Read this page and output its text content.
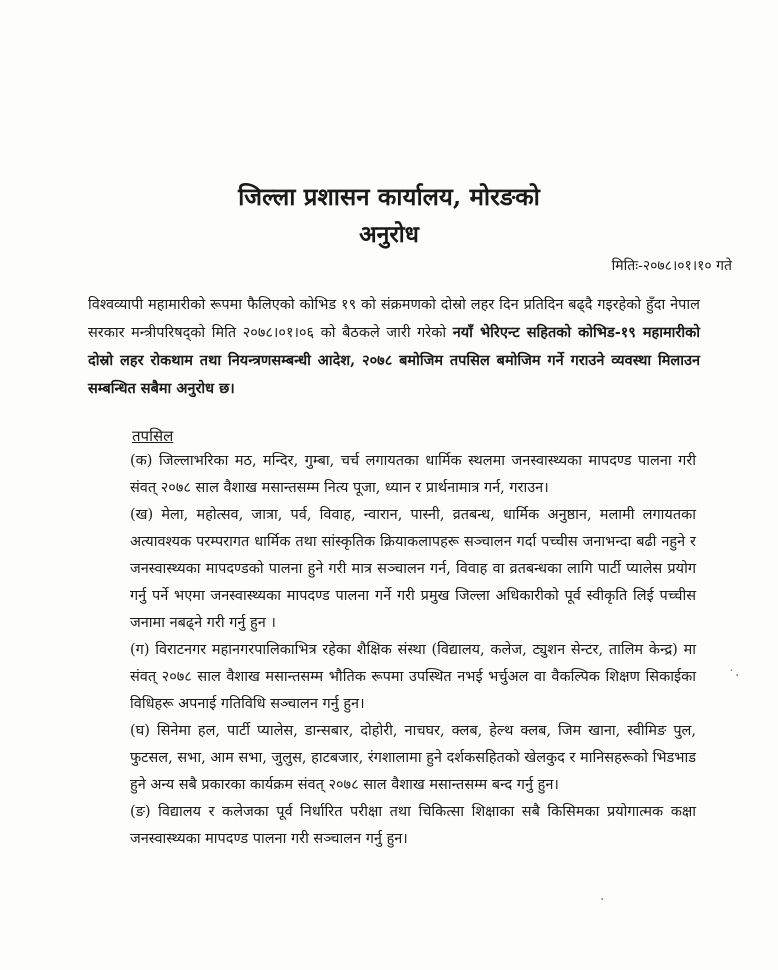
जिल्ला प्रशासन कार्यालय, मोरङको
अनुरोध
मितिः-२०७८।०१।१० गते
विश्वव्यापी महामारीको रूपमा फैलिएको कोभिड १९ को संक्रमणको दोस्रो लहर दिन प्रतिदिन बढ्दै गइरहेको हुँदा नेपाल सरकार मन्त्रीपरिषद्को मिति २०७८।०१।०६ को बैठकले जारी गरेको नयाँ भेरिएन्ट सहितको कोभिड-१९ महामारीको दोस्रो लहर रोकथाम तथा नियन्त्रणसम्बन्धी आदेश, २०७८ बमोजिम तपसिल बमोजिम गर्ने गराउने व्यवस्था मिलाउन सम्बन्धित सबैमा अनुरोध छ।
तपसिल

(क) जिल्लाभरिका मठ, मन्दिर, गुम्बा, चर्च लगायतका धार्मिक स्थलमा जनस्वास्थ्यका मापदण्ड पालना गरी संवत् २०७८ साल वैशाख मसान्तसम्म नित्य पूजा, ध्यान र प्रार्थनामात्र गर्न, गराउन।

(ख) मेला, महोत्सव, जात्रा, पर्व, विवाह, न्वारान, पास्नी, व्रतबन्ध, धार्मिक अनुष्ठान, मलामी लगायतका अत्यावश्यक परम्परागत धार्मिक तथा सांस्कृतिक क्रियाकलापहरू सञ्चालन गर्दा पच्चीस जनाभन्दा बढी नहुने र जनस्वास्थ्यका मापदण्डको पालना हुने गरी मात्र सञ्चालन गर्न, विवाह वा व्रतबन्धका लागि पार्टी प्यालेस प्रयोग गर्नु पर्ने भएमा जनस्वास्थ्यका मापदण्ड पालना गर्ने गरी प्रमुख जिल्ला अधिकारीको पूर्व स्वीकृति लिई पच्चीस जनामा नबढ्ने गरी गर्नु हुन ।

(ग) विराटनगर महानगरपालिकाभित्र रहेका शैक्षिक संस्था (विद्यालय, कलेज, ट्युशन सेन्टर, तालिम केन्द्र) मा संवत् २०७८ साल वैशाख मसान्तसम्म भौतिक रूपमा उपस्थित नभई भर्चुअल वा वैकल्पिक शिक्षण सिकाईका विधिहरू अपनाई गतिविधि सञ्चालन गर्नु हुन।

(घ) सिनेमा हल, पार्टी प्यालेस, डान्सबार, दोहोरी, नाचघर, क्लब, हेल्थ क्लब, जिम खाना, स्वीमिङ पुल, फुटसल, सभा, आम सभा, जुलुस, हाटबजार, रंगशालामा हुने दर्शकसहितको खेलकुद र मानिसहरूको भिडभाड हुने अन्य सबै प्रकारका कार्यक्रम संवत् २०७८ साल वैशाख मसान्तसम्म बन्द गर्नु हुन।

(ङ) विद्यालय र कलेजका पूर्व निर्धारित परीक्षा तथा चिकित्सा शिक्षाका सबै किसिमका प्रयोगात्मक कक्षा जनस्वास्थ्यका मापदण्ड पालना गरी सञ्चालन गर्नु हुन।

˙·
·
